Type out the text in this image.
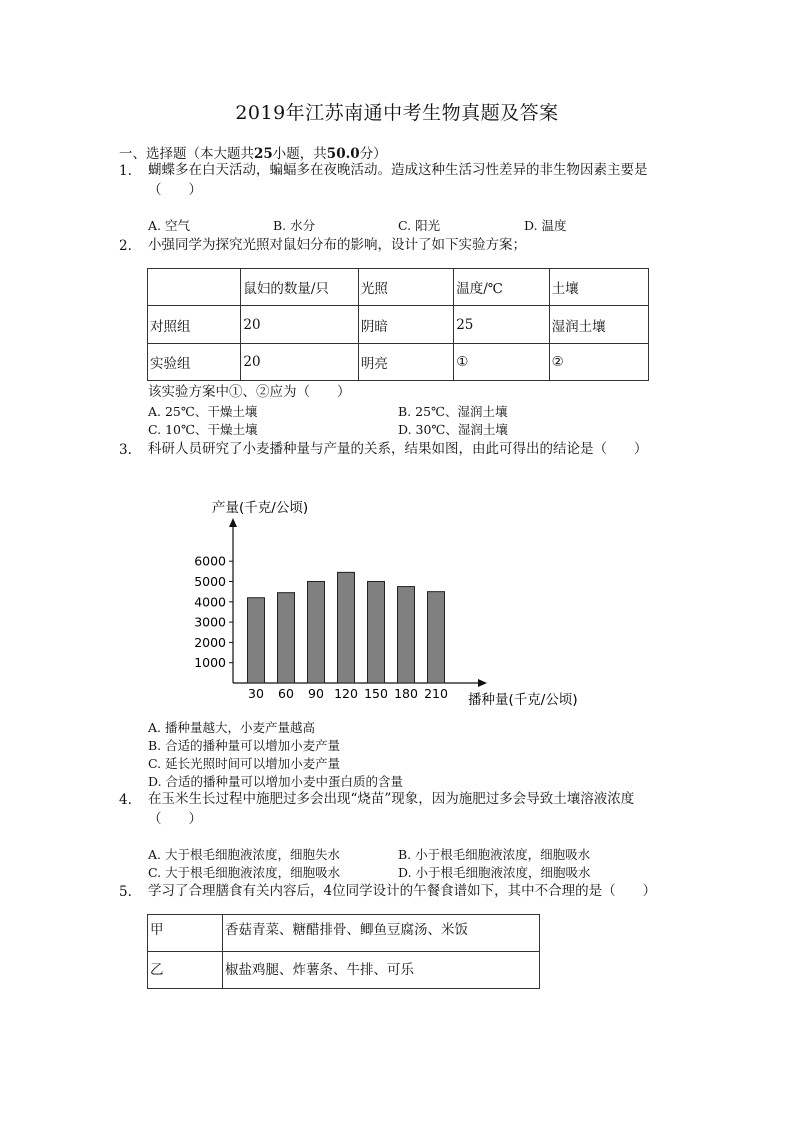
2019年江苏南通中考生物真题及答案
一、选择题（本大题共25小题，共50.0分）
1. 蝴蝶多在白天活动，蝙蝠多在夜晚活动。造成这种生活习性差异的非生物因素主要是
（　　）
A. 空气	B. 水分	C. 阳光	D. 温度
2. 小强同学为探究光照对鼠妇分布的影响，设计了如下实验方案；
	鼠妇的数量/只	光照	温度/℃	土壤
对照组	20	阴暗	25	湿润土壤
实验组	20	明亮	①	②
该实验方案中①、②应为（　　）
A. 25℃、干燥土壤	B. 25℃、湿润土壤
C. 10℃、干燥土壤	D. 30℃、湿润土壤
3. 科研人员研究了小麦播种量与产量的关系，结果如图，由此可得出的结论是（　　）
产量(千克/公顷)
播种量(千克/公顷)
1000
2000
3000
4000
5000
6000
30 60 90 120 150 180 210
A. 播种量越大，小麦产量越高
B. 合适的播种量可以增加小麦产量
C. 延长光照时间可以增加小麦产量
D. 合适的播种量可以增加小麦中蛋白质的含量
4. 在玉米生长过程中施肥过多会出现“烧苗”现象，因为施肥过多会导致土壤溶液浓度
（　　）
A. 大于根毛细胞液浓度，细胞失水	B. 小于根毛细胞液浓度，细胞吸水
C. 大于根毛细胞液浓度，细胞吸水	D. 小于根毛细胞液浓度，细胞吸水
5. 学习了合理膳食有关内容后，4位同学设计的午餐食谱如下，其中不合理的是（　　）
甲	香菇青菜、糖醋排骨、鲫鱼豆腐汤、米饭
乙	椒盐鸡腿、炸薯条、牛排、可乐
